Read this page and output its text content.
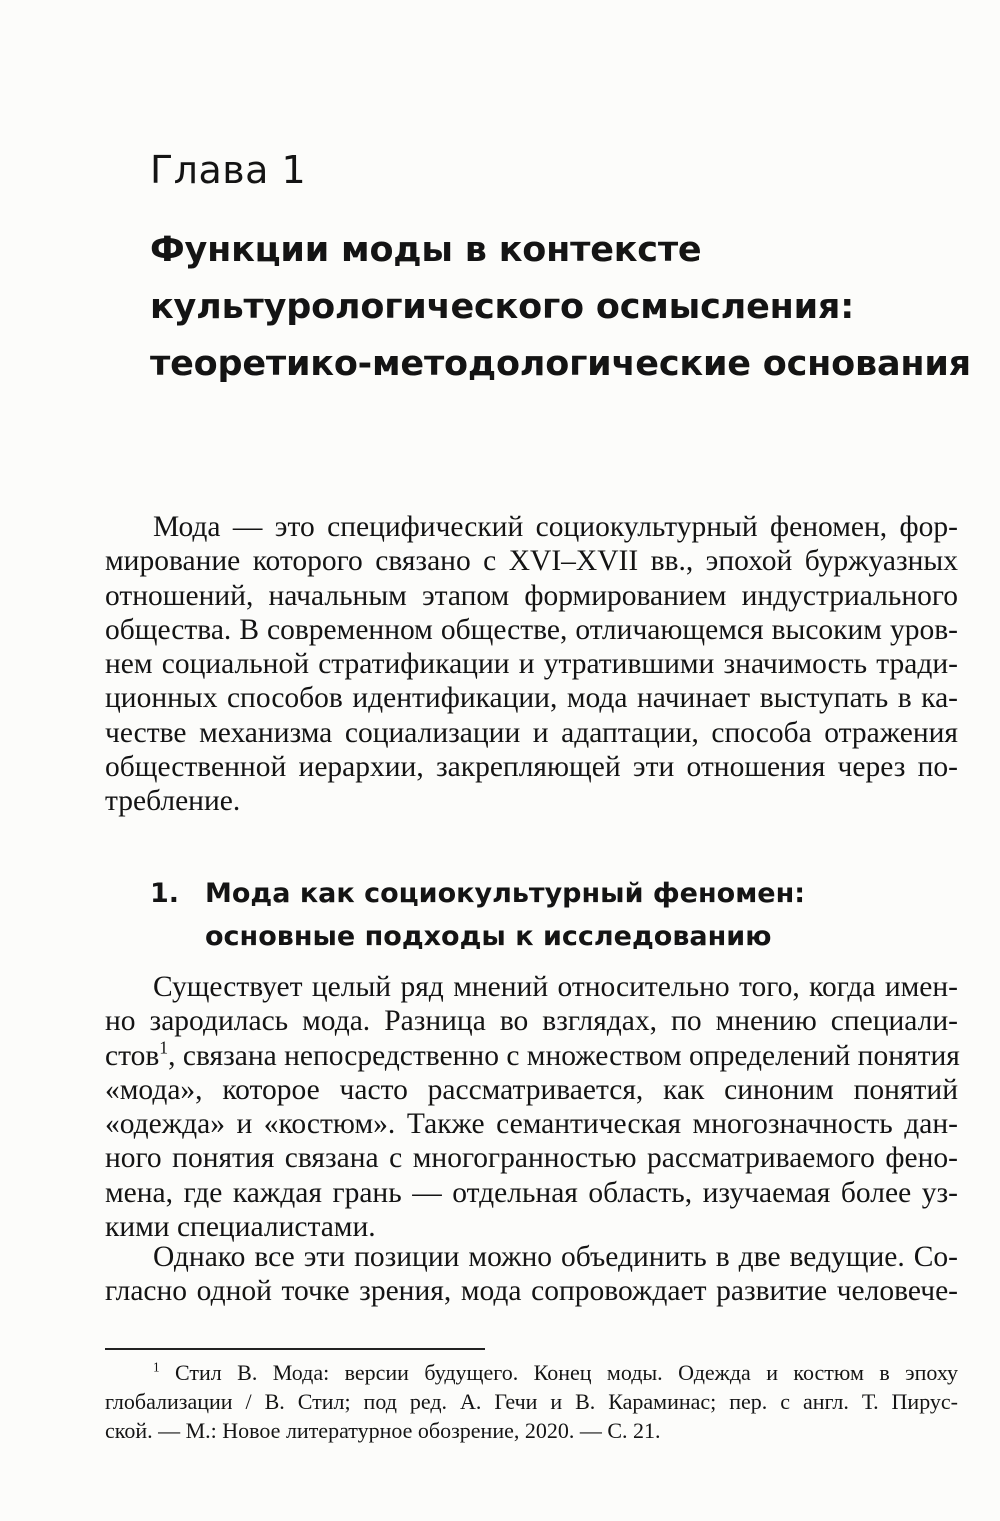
Глава 1
Функции моды в контексте
культурологического осмысления:
теоретико-методологические основания

Мода — это специфический социокультурный феномен, фор-
мирование которого связано с XVI–XVII вв., эпохой буржуазных
отношений, начальным этапом формированием индустриального
общества. В современном обществе, отличающемся высоким уров-
нем социальной стратификации и утратившими значимость тради-
ционных способов идентификации, мода начинает выступать в ка-
честве механизма социализации и адаптации, способа отражения
общественной иерархии, закрепляющей эти отношения через по-
требление.

1. Мода как социокультурный феномен:
основные подходы к исследованию

Существует целый ряд мнений относительно того, когда имен-
но зародилась мода. Разница во взглядах, по мнению специали-
стов$^1$, связана непосредственно с множеством определений понятия
«мода», которое часто рассматривается, как синоним понятий
«одежда» и «костюм». Также семантическая многозначность дан-
ного понятия связана с многогранностью рассматриваемого фено-
мена, где каждая грань — отдельная область, изучаемая более уз-
кими специалистами.

Однако все эти позиции можно объединить в две ведущие. Со-
гласно одной точке зрения, мода сопровождает развитие человече-

$^1$ Стил В. Мода: версии будущего. Конец моды. Одежда и костюм в эпоху
глобализации / В. Стил; под ред. А. Гечи и В. Караминас; пер. с англ. Т. Пирус-
ской. — М.: Новое литературное обозрение, 2020. — С. 21.
